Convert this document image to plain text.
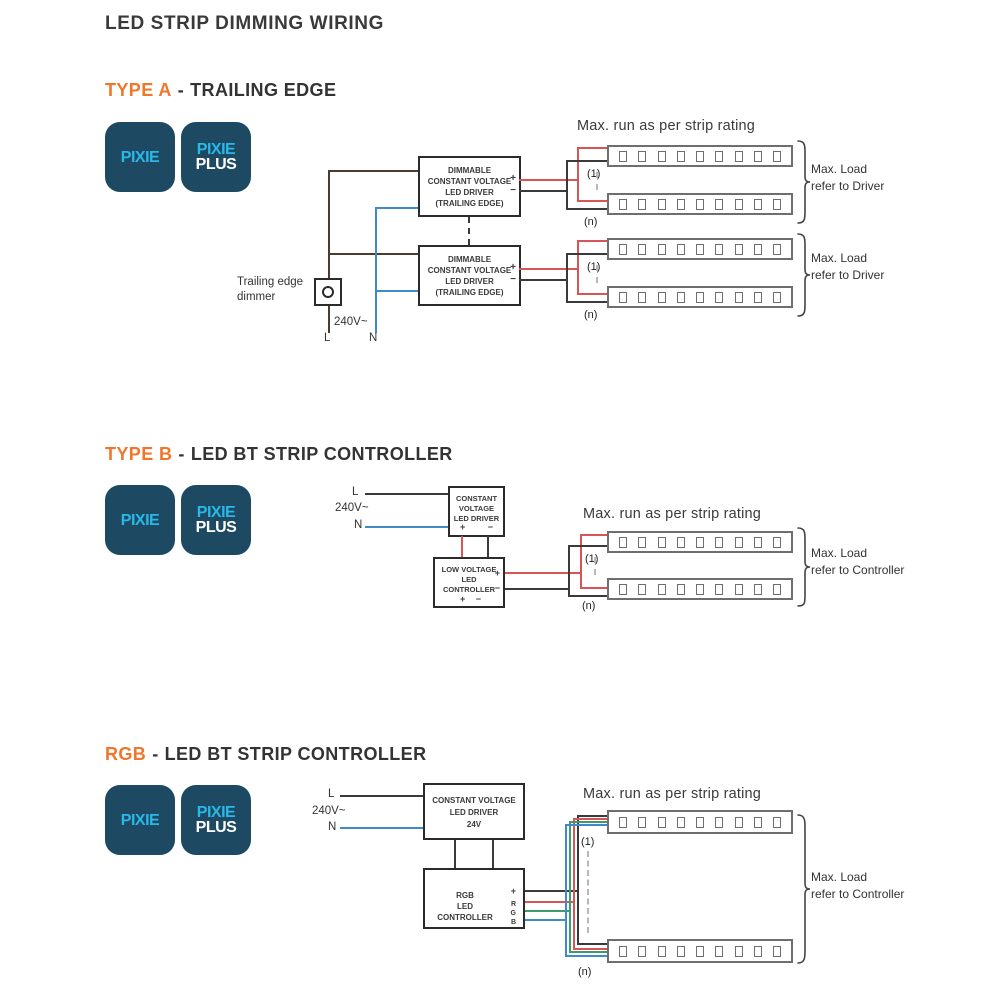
LED STRIP DIMMING WIRING
TYPE A - TRAILING EDGE
PIXIE PIXIE
PLUS
Trailing edge
dimmer
240V~
L	N
DIMMABLE
CONSTANT VOLTAGE
LED DRIVER
(TRAILING EDGE)
+
−
DIMMABLE
CONSTANT VOLTAGE
LED DRIVER
(TRAILING EDGE)
+
−
Max. run as per strip rating
(1)
(n)
Max. Load
refer to Driver
(1)
(n)
Max. Load
refer to Driver
TYPE B - LED BT STRIP CONTROLLER
PIXIE PIXIE
PLUS
L
240V~
N
CONSTANT
VOLTAGE
LED DRIVER
+ −
LOW VOLTAGE
LED
CONTROLLER
+
−
+ −
Max. run as per strip rating
(1)
(n)
Max. Load
refer to Controller
RGB - LED BT STRIP CONTROLLER
PIXIE PIXIE
PLUS
L
240V~
N
CONSTANT VOLTAGE
LED DRIVER
24V
RGB
LED CONTROLLER
+
R
G
B
Max. run as per strip rating
(1)
(n)
Max. Load
refer to Controller
